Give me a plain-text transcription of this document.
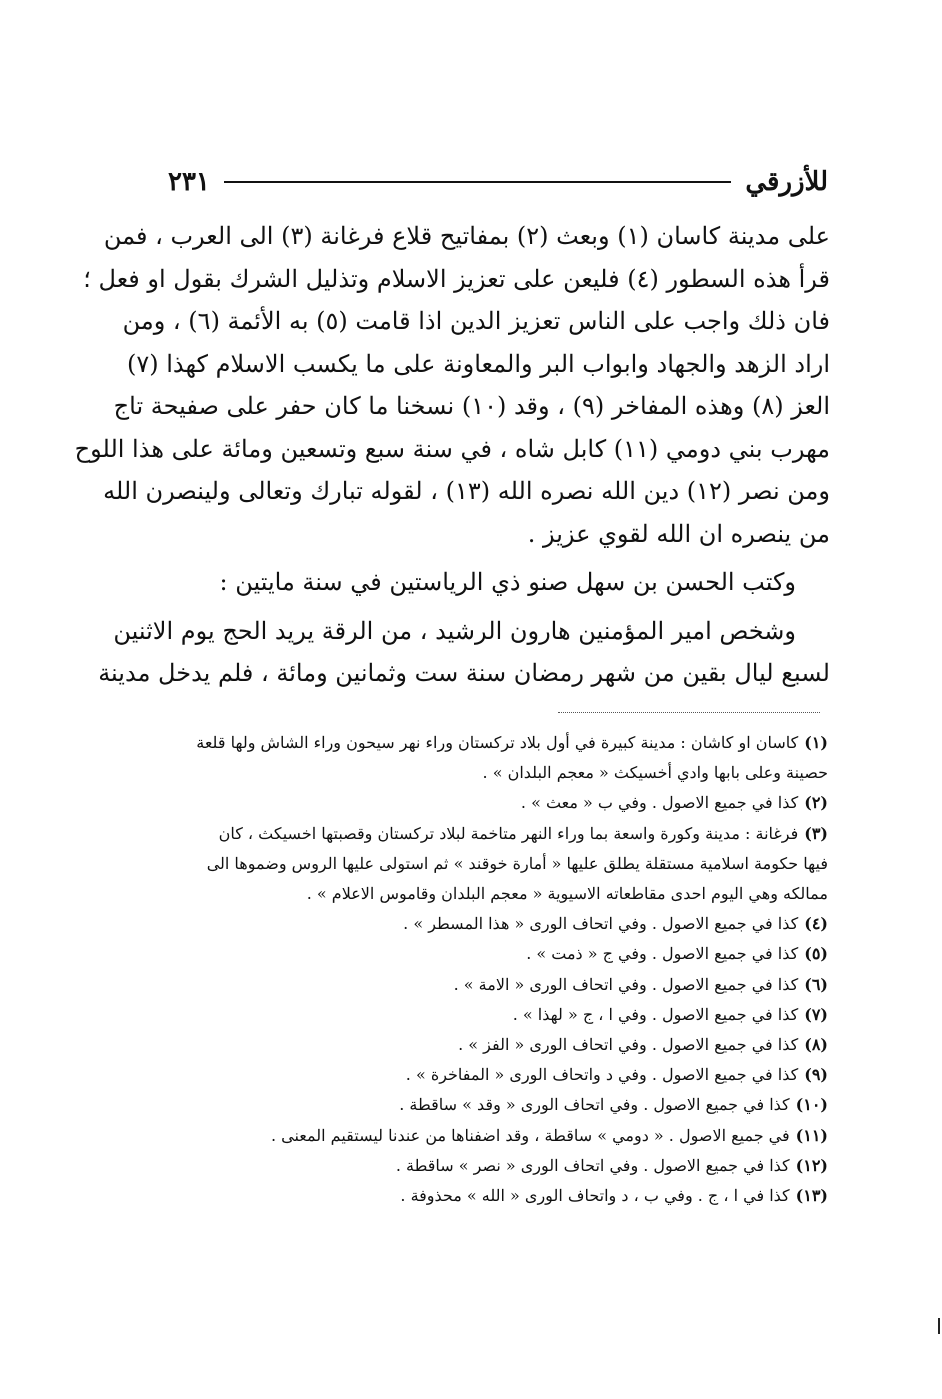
للأزرقي
٢٣١
على مدينة كاسان (١) وبعث (٢) بمفاتيح قلاع فرغانة (٣) الى العرب ، فمن
قرأ هذه السطور (٤) فليعن على تعزيز الاسلام وتذليل الشرك بقول او فعل ؛
فان ذلك واجب على الناس تعزيز الدين اذا قامت (٥) به الأئمة (٦) ، ومن
اراد الزهد والجهاد وابواب البر والمعاونة على ما يكسب الاسلام كهذا (٧)
العز (٨) وهذه المفاخر (٩) ، وقد (١٠) نسخنا ما كان حفر على صفيحة تاج
مهرب بني دومي (١١) كابل شاه ، في سنة سبع وتسعين ومائة على هذا اللوح
ومن نصر (١٢) دين الله نصره الله (١٣) ، لقوله تبارك وتعالى ولينصرن الله
من ينصره ان الله لقوي عزيز .
وكتب الحسن بن سهل صنو ذي الرياستين في سنة مايتين :
وشخص امير المؤمنين هارون الرشيد ، من الرقة يريد الحج يوم الاثنين
لسبع ليال بقين من شهر رمضان سنة ست وثمانين ومائة ، فلم يدخل مدينة
(١)كاسان او كاشان : مدينة كبيرة في أول بلاد تركستان وراء نهر سيحون وراء الشاش ولها قلعة
حصينة وعلى بابها وادي أخسيكث « معجم البلدان » .
(٢)كذا في جميع الاصول . وفي ب « معث » .
(٣)فرغانة : مدينة وكورة واسعة بما وراء النهر متاخمة لبلاد تركستان وقصبتها اخسيكث ، كان
فيها حكومة اسلامية مستقلة يطلق عليها « أمارة خوقند » ثم استولى عليها الروس وضموها الى
ممالكه وهي اليوم احدى مقاطعاته الاسيوية « معجم البلدان وقاموس الاعلام » .
(٤)كذا في جميع الاصول . وفي اتحاف الورى « هذا المسطر » .
(٥)كذا في جميع الاصول . وفي ج « ذمت » .
(٦)كذا في جميع الاصول . وفي اتحاف الورى « الامة » .
(٧)كذا في جميع الاصول . وفي ا ، ج « لهذا » .
(٨)كذا في جميع الاصول . وفي اتحاف الورى « الفز » .
(٩)كذا في جميع الاصول . وفي د واتحاف الورى « المفاخرة » .
(١٠)كذا في جميع الاصول . وفي اتحاف الورى « وقد » ساقطة .
(١١)في جميع الاصول . « دومي » ساقطة ، وقد اضفناها من عندنا ليستقيم المعنى .
(١٢)كذا في جميع الاصول . وفي اتحاف الورى « نصر » ساقطة .
(١٣)كذا في ا ، ج . وفي ب ، د واتحاف الورى « الله » محذوفة .
